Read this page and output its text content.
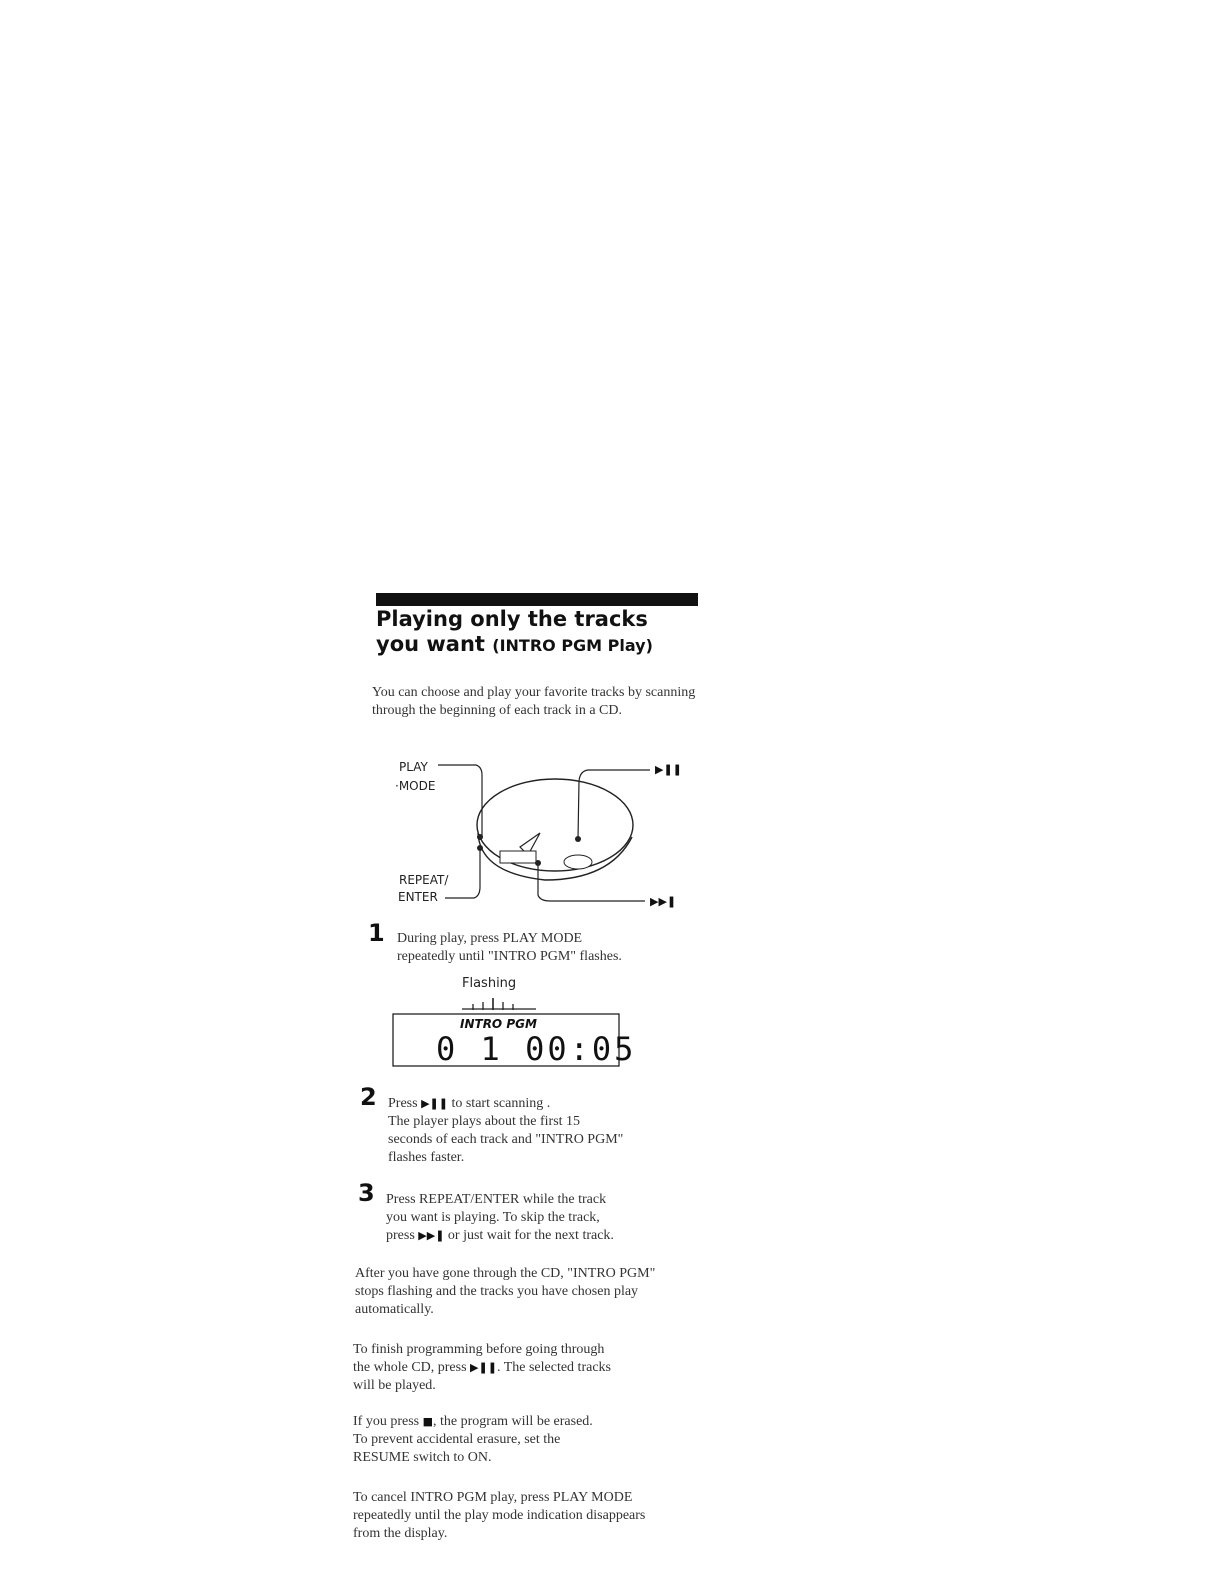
Playing only the tracks
you want (INTRO PGM Play)
You can choose and play your favorite tracks by scanning through the beginning of each track in a CD.
PLAY
·MODE
REPEAT/
ENTER
▶❚❚
▶▶❚
1 During play, press PLAY MODE
repeatedly until "INTRO PGM" flashes.
Flashing
INTRO PGM
0 1 00:05
2 Press ▶❚❚ to start scanning .
The player plays about the first 15
seconds of each track and "INTRO PGM"
flashes faster.
3 Press REPEAT/ENTER while the track
you want is playing. To skip the track,
press ▶▶❚ or just wait for the next track.
After you have gone through the CD, "INTRO PGM" stops flashing and the tracks you have chosen play automatically.
To finish programming before going through
the whole CD, press ▶❚❚. The selected tracks
will be played.
If you press ■, the program will be erased.
To prevent accidental erasure, set the
RESUME switch to ON.
To cancel INTRO PGM play, press PLAY MODE repeatedly until the play mode indication disappears from the display.
